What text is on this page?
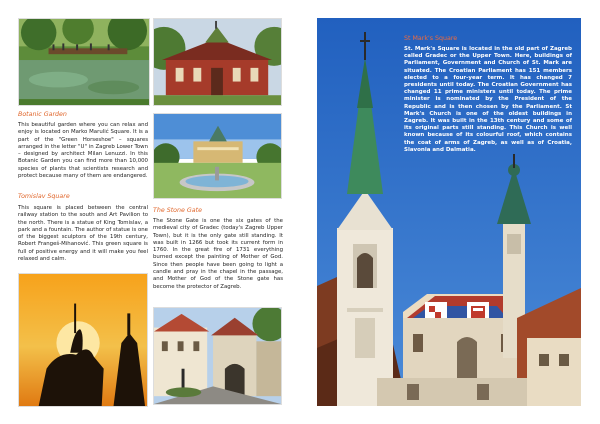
Botanic Garden
This beautiful garden where you can relax and enjoy is located on Marko Marulić Square. It is a part of the "Green Horseshoe" – squares arranged in the letter "U" in Zagreb Lower Town – designed by architect Milan Lenuzzi. In this Botanic Garden you can find more than 10,000 species of plants that scientists research and protect because many of them are endangered.
Tomislav Square
The Stone Gate
This square is placed between the central railway station to the south and Art Pavilion to the north. There is a statue of King Tomislav, a park and a fountain. The author of statue is one of the biggest sculptors of the 19th century, Robert Frangeš-Mihanović. This green square is full of positive energy and it will make you feel relaxed and calm.
The Stone Gate is one the six gates of the medieval city of Gradec (today's Zagreb Upper Town), but it is the only gate still standing. It was built in 1266 but took its current form in 1760. In the great fire of 1731 everything burned except the painting of Mother of God. Since then people have been going to light a candle and pray in the chapel in the passage, and Mother of God of the Stone gate has become the protector of Zagreb.
St Mark's Square
St. Mark's Square is located in the old part of Zagreb called Gradec or the Upper Town. Here, buildings of Parliament, Government and Church of St. Mark are situated. The Croatian Parliament has 151 members elected to a four-year term. It has changed 7 presidents until today. The Croatian Government has changed 11 prime ministers until today. The prime minister is nominated by the President of the Republic and is then chosen by the Parliament. St Mark's Church is one of the oldest buildings in Zagreb. It was built in the 13th century and some of its original parts still standing. This Church is well known because of its colourful roof, which contains the coat of arms of Zagreb, as well as of Croatia, Slavonia and Dalmatia.
